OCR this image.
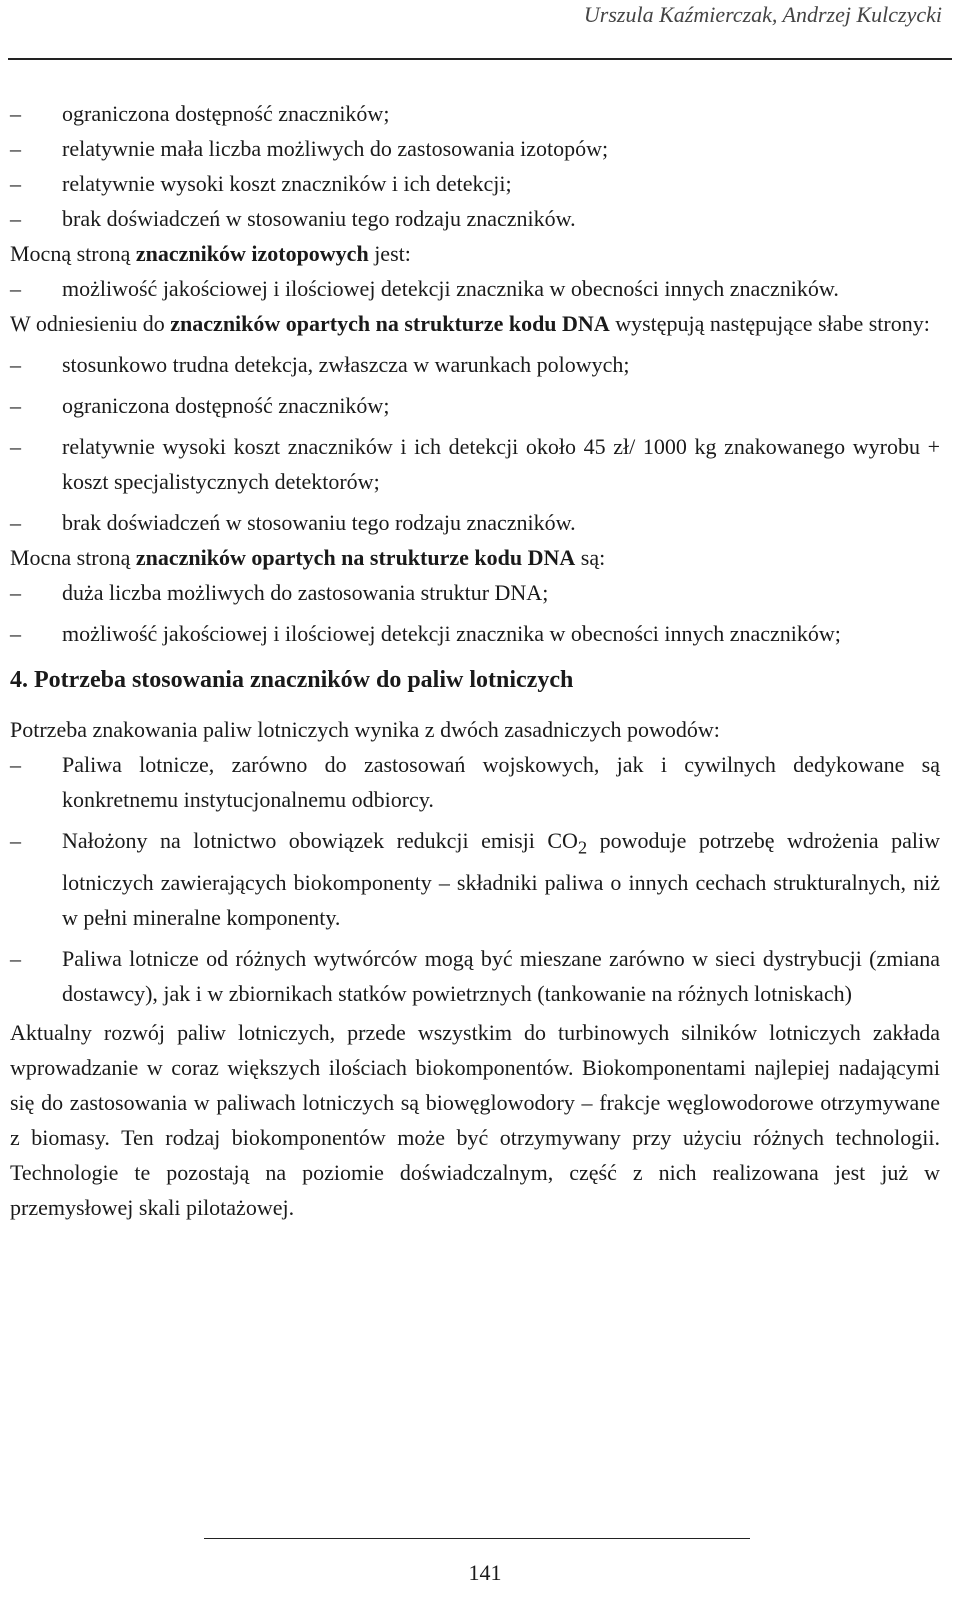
Urszula Kaźmierczak, Andrzej Kulczycki
–	ograniczona dostępność znaczników;
–	relatywnie mała liczba możliwych do zastosowania izotopów;
–	relatywnie wysoki koszt znaczników i ich detekcji;
–	brak doświadczeń w stosowaniu tego rodzaju znaczników.

Mocną stroną znaczników izotopowych jest:

–	możliwość jakościowej i ilościowej detekcji znacznika w obecności innych znaczników.

W odniesieniu do znaczników opartych na strukturze kodu DNA występują następujące słabe strony:

–	stosunkowo trudna detekcja, zwłaszcza w warunkach polowych;
–	ograniczona dostępność znaczników;
–	relatywnie wysoki koszt znaczników i ich detekcji około 45 zł/ 1000 kg znakowanego wyrobu + koszt specjalistycznych detektorów;
–	brak doświadczeń w stosowaniu tego rodzaju znaczników.

Mocna stroną znaczników opartych na strukturze kodu DNA są:

–	duża liczba możliwych do zastosowania struktur DNA;
–	możliwość jakościowej i ilościowej detekcji znacznika w obecności innych znaczników;
4. Potrzeba stosowania znaczników do paliw lotniczych

Potrzeba znakowania paliw lotniczych wynika z dwóch zasadniczych powodów:

–	Paliwa lotnicze, zarówno do zastosowań wojskowych, jak i cywilnych dedykowane są konkretnemu instytucjonalnemu odbiorcy.
–	Nałożony na lotnictwo obowiązek redukcji emisji $CO_2$ powoduje potrzebę wdrożenia paliw lotniczych zawierających biokomponenty – składniki paliwa o innych cechach strukturalnych, niż w pełni mineralne komponenty.
–	Paliwa lotnicze od różnych wytwórców mogą być mieszane zarówno w sieci dystrybucji (zmiana dostawcy), jak i w zbiornikach statków powietrznych (tankowanie na różnych lotniskach)

Aktualny rozwój paliw lotniczych, przede wszystkim do turbinowych silników lotniczych zakłada wprowadzanie w coraz większych ilościach biokomponentów. Biokomponentami najlepiej nadającymi się do zastosowania w paliwach lotniczych są biowęglowodory – frakcje węglowodorowe otrzymywane z biomasy. Ten rodzaj biokomponentów może być otrzymywany przy użyciu różnych technologii. Technologie te pozostają na poziomie doświadczalnym, część z nich realizowana jest już w przemysłowej skali pilotażowej.

141
